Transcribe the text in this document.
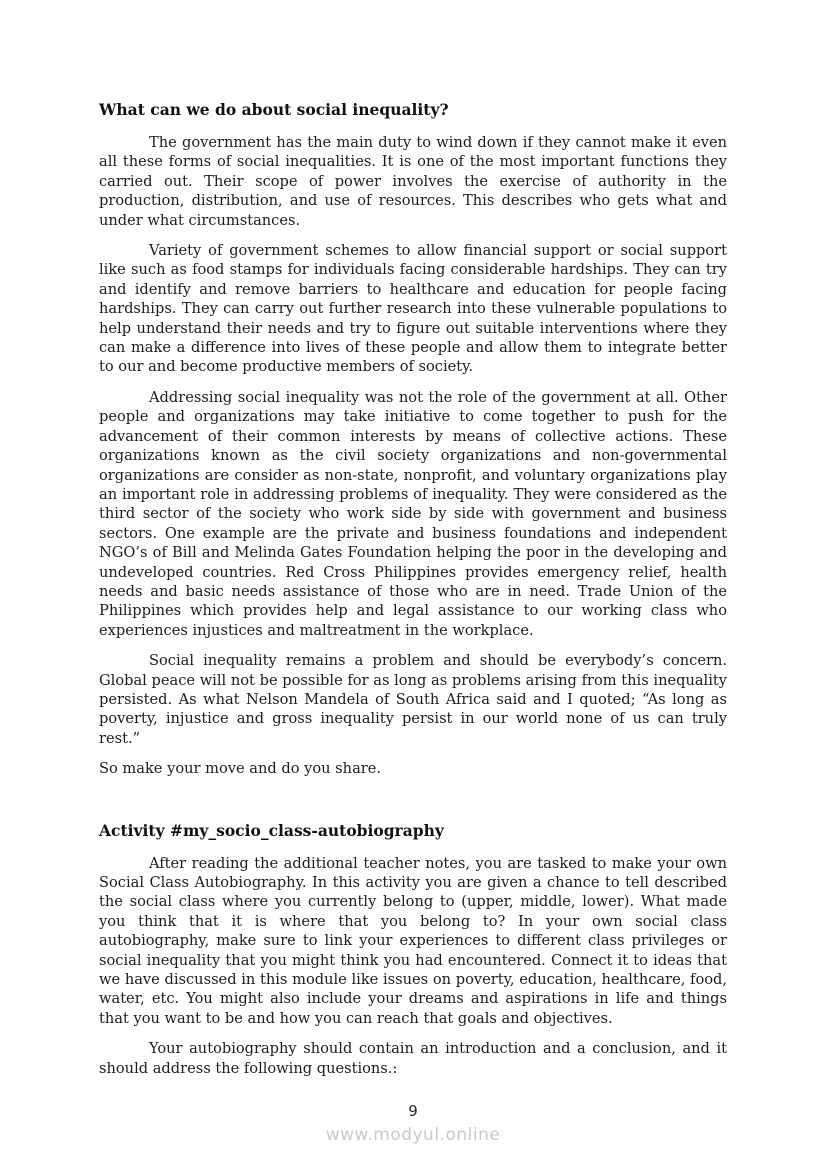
What can we do about social inequality?

The government has the main duty to wind down if they cannot make it even all these forms of social inequalities. It is one of the most important functions they carried out. Their scope of power involves the exercise of authority in the production, distribution, and use of resources. This describes who gets what and under what circumstances.

Variety of government schemes to allow financial support or social support like such as food stamps for individuals facing considerable hardships. They can try and identify and remove barriers to healthcare and education for people facing hardships. They can carry out further research into these vulnerable populations to help understand their needs and try to figure out suitable interventions where they can make a difference into lives of these people and allow them to integrate better to our and become productive members of society.

Addressing social inequality was not the role of the government at all. Other people and organizations may take initiative to come together to push for the advancement of their common interests by means of collective actions. These organizations known as the civil society organizations and non-governmental organizations are consider as non-state, nonprofit, and voluntary organizations play an important role in addressing problems of inequality. They were considered as the third sector of the society who work side by side with government and business sectors. One example are the private and business foundations and independent NGO’s of Bill and Melinda Gates Foundation helping the poor in the developing and undeveloped countries. Red Cross Philippines provides emergency relief, health needs and basic needs assistance of those who are in need. Trade Union of the Philippines which provides help and legal assistance to our working class who experiences injustices and maltreatment in the workplace.

Social inequality remains a problem and should be everybody’s concern. Global peace will not be possible for as long as problems arising from this inequality persisted. As what Nelson Mandela of South Africa said and I quoted; “As long as poverty, injustice and gross inequality persist in our world none of us can truly rest.”

So make your move and do you share.

Activity #my_socio_class-autobiography

After reading the additional teacher notes, you are tasked to make your own Social Class Autobiography. In this activity you are given a chance to tell described the social class where you currently belong to (upper, middle, lower). What made you think that it is where that you belong to? In your own social class autobiography, make sure to link your experiences to different class privileges or social inequality that you might think you had encountered. Connect it to ideas that we have discussed in this module like issues on poverty, education, healthcare, food, water, etc. You might also include your dreams and aspirations in life and things that you want to be and how you can reach that goals and objectives.

Your autobiography should contain an introduction and a conclusion, and it should address the following questions.:

9
www.modyul.online
